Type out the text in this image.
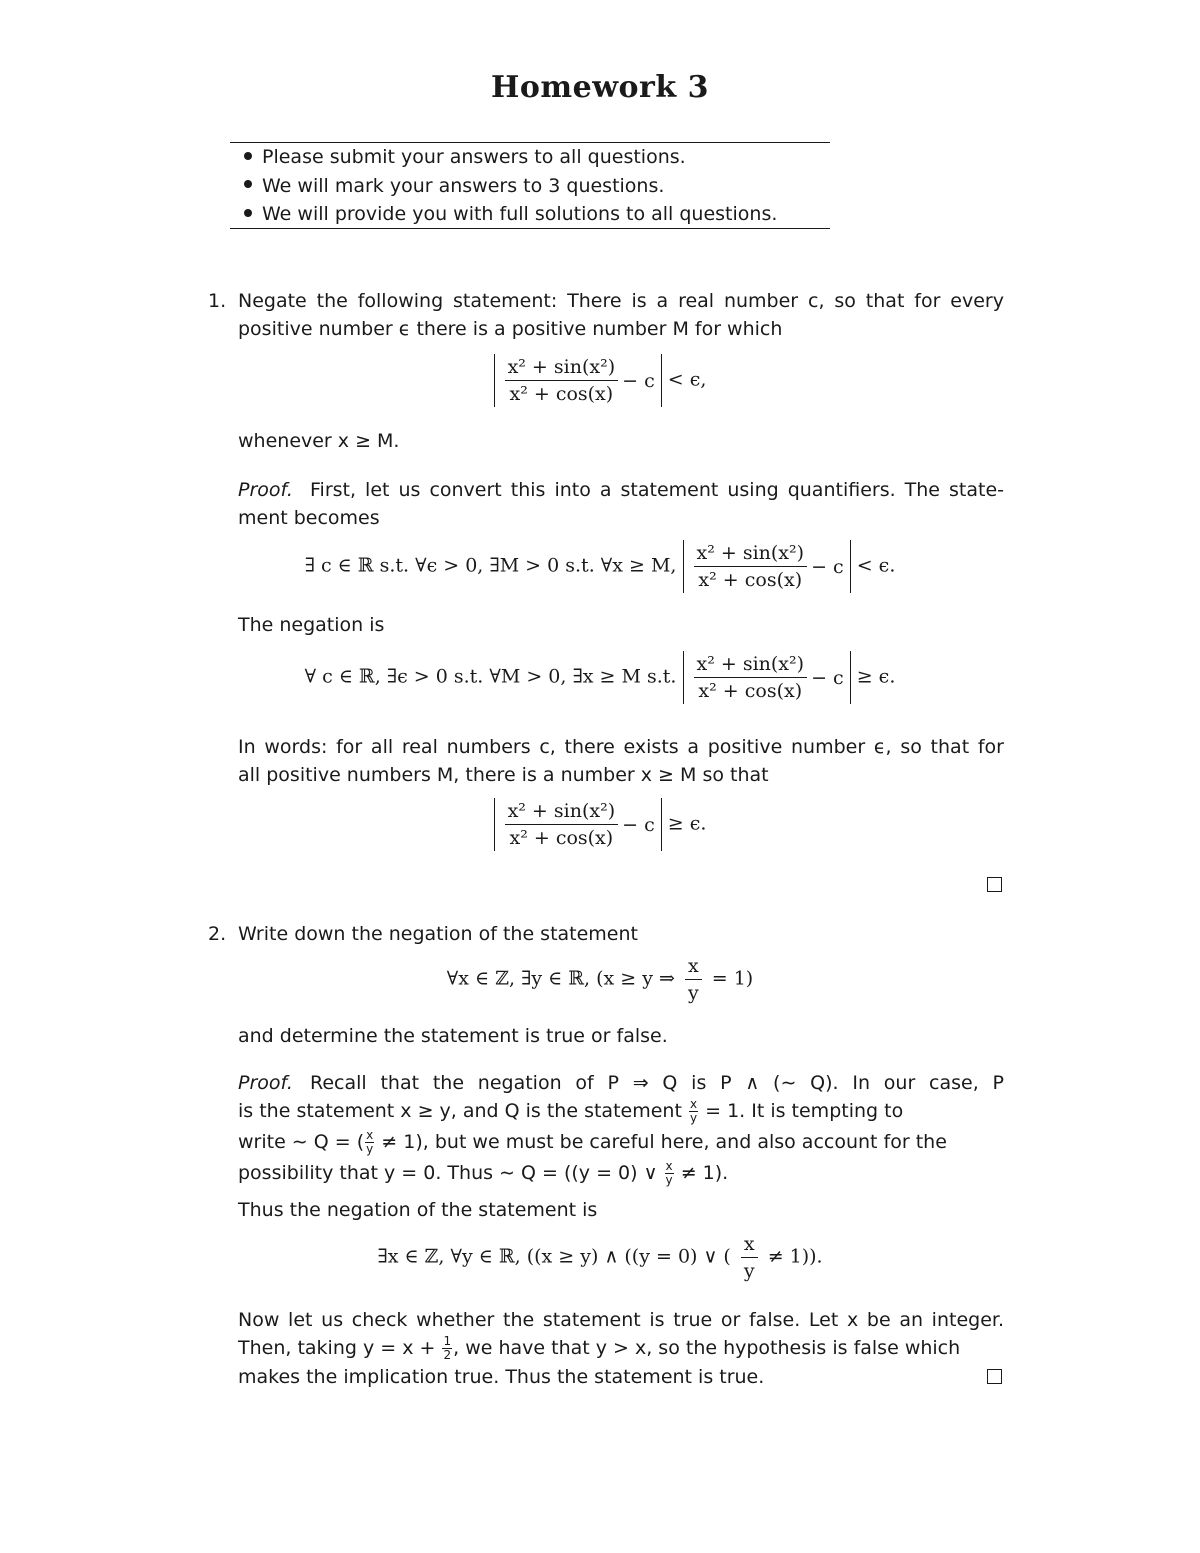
Homework 3
Please submit your answers to all questions.
We will mark your answers to 3 questions.
We will provide you with full solutions to all questions.
1. Negate the following statement: There is a real number c, so that for every
positive number ϵ there is a positive number M for which
$\frac{\text{x² + sin(x²)}}{\text{x² + cos(x)}} - c < \epsilon$,
whenever x ≥ M.
Proof. First, let us convert this into a statement using quantifiers. The state-
ment becomes
∃ c ∈ ℝ s.t. ∀ϵ > 0, ∃M > 0 s.t. ∀x ≥ M, $\frac{\text{x² + sin(x²)}}{\text{x² + cos(x)}} - c < \epsilon$.
The negation is
∀ c ∈ ℝ, ∃ϵ > 0 s.t. ∀M > 0, ∃x ≥ M s.t. $\frac{\text{x² + sin(x²)}}{\text{x² + cos(x)}} - c \ge \epsilon$.
In words: for all real numbers c, there exists a positive number ϵ, so that for
all positive numbers M, there is a number x ≥ M so that
$\frac{\text{x² + sin(x²)}}{\text{x² + cos(x)}} - c \ge \epsilon$.
2. Write down the negation of the statement
∀x ∈ ℤ, ∃y ∈ ℝ, (x ≥ y ⇒ $\frac{x}{y} = 1$)
and determine the statement is true or false.
Proof. Recall that the negation of P ⇒ Q is P ∧ (∼ Q). In our case, P
is the statement x ≥ y, and Q is the statement $\frac{x}{y} = 1$. It is tempting to
write ∼ Q = ( $\frac{x}{y} \ne 1$), but we must be careful here, and also account for the
possibility that y = 0. Thus ∼ Q = ((y = 0) ∨ $\frac{x}{y} \ne 1$).
Thus the negation of the statement is
∃x ∈ ℤ, ∀y ∈ ℝ, ((x ≥ y) ∧ ((y = 0) ∨ ( $\frac{x}{y} \ne 1$)).
Now let us check whether the statement is true or false. Let x be an integer.
Then, taking $y = x + \frac{1}{2}$ , we have that y > x, so the hypothesis is false which
makes the implication true. Thus the statement is true.
